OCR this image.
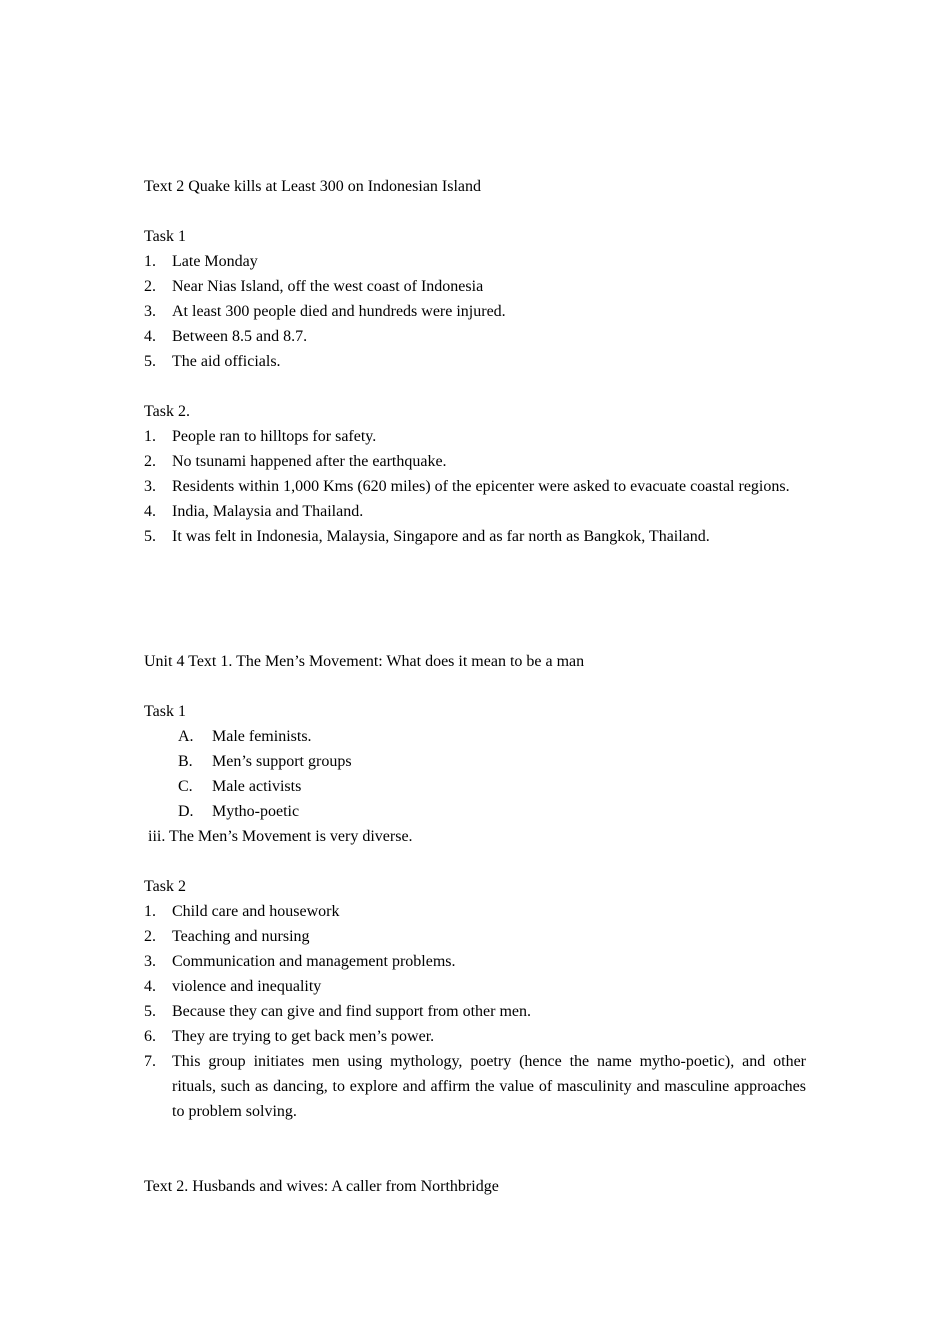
Text 2 Quake kills at Least 300 on Indonesian Island
Task 1
1.	Late Monday
2.	Near Nias Island, off the west coast of Indonesia
3.	At least 300 people died and hundreds were injured.
4.	Between 8.5 and 8.7.
5.	The aid officials.
Task 2.
1.	People ran to hilltops for safety.
2.	No tsunami happened after the earthquake.
3.	Residents within 1,000 Kms (620 miles) of the epicenter were asked to evacuate coastal regions.
4.	India, Malaysia and Thailand.
5.	It was felt in Indonesia, Malaysia, Singapore and as far north as Bangkok, Thailand.
Unit 4 Text 1. The Men’s Movement: What does it mean to be a man
Task 1
A.	Male feminists.
B.	Men’s support groups
C.	Male activists
D.	Mytho-poetic
iii. The Men’s Movement is very diverse.
Task 2
1.	Child care and housework
2.	Teaching and nursing
3.	Communication and management problems.
4.	violence and inequality
5.	Because they can give and find support from other men.
6.	They are trying to get back men’s power.
7.	This group initiates men using mythology, poetry (hence the name mytho-poetic), and other rituals, such as dancing, to explore and affirm the value of masculinity and masculine approaches to problem solving.
Text 2. Husbands and wives: A caller from Northbridge
